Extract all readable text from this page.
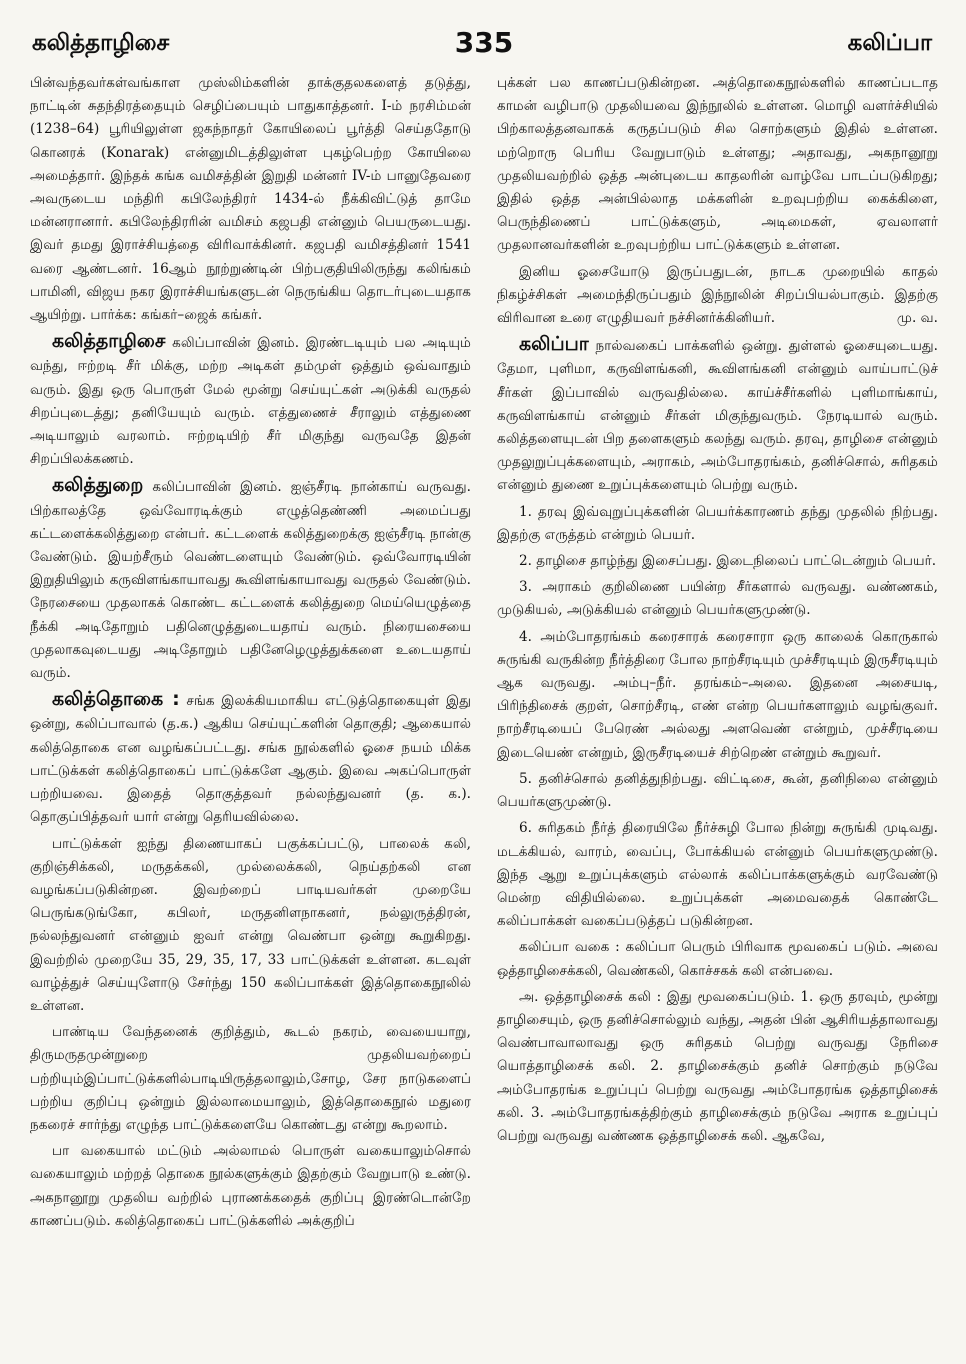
கலித்தாழிசை	335	கலிப்பா

பின்வந்தவர்கள்வங்காள முஸ்லிம்களின் தாக்குதலகளைத் தடுத்து, நாட்டின் சுதந்திரத்தையும் செழிப்பையும் பாதுகாத்தனர். I-ம் நரசிம்மன் (1238–64) பூரியிலுள்ள ஜகந்நாதர் கோயிலைப் பூர்த்தி செய்ததோடு கொனரக் (Konarak) என்னுமிடத்திலுள்ள புகழ்பெற்ற கோயிலை அமைத்தார். இந்தக் கங்க வமிசத்தின் இறுதி மன்னர் IV-ம் பானுதேவரை அவருடைய மந்திரி கபிலேந்திரர் 1434-ல் நீக்கிவிட்டுத் தாமே மன்னரானார். கபிலேந்திரரின் வமிசம் கஜபதி என்னும் பெயருடையது. இவர் தமது இராச்சியத்தை விரிவாக்கினர். கஜபதி வமிசத்தினர் 1541 வரை ஆண்டனர். 16ஆம் நூற்றுண்டின் பிற்பகுதியிலிருந்து கலிங்கம் பாமினி, விஜய நகர இராச்சியங்களுடன் நெருங்கிய தொடர்புடையதாக ஆயிற்று. பார்க்க: கங்கர்–ஜைக் கங்கர்.

கலித்தாழிசை கலிப்பாவின் இனம். இரண்டடியும் பல அடியும் வந்து, ஈற்றடி சீர் மிக்கு, மற்ற அடிகள் தம்முள் ஒத்தும் ஒவ்வாதும் வரும். இது ஒரு பொருள் மேல் மூன்று செய்யுட்கள் அடுக்கி வருதல் சிறப்புடைத்து; தனியேயும் வரும். எத்துணைச் சீராலும் எத்துணை அடியாலும் வரலாம். ஈற்றடியிற் சீர் மிகுந்து வருவதே இதன் சிறப்பிலக்கணம்.

கலித்துறை கலிப்பாவின் இனம். ஐஞ்சீரடி நான்காய் வருவது. பிற்காலத்தே ஒவ்வோரடிக்கும் எழுத்தெண்ணி அமைப்பது கட்டளைக்கலித்துறை என்பர். கட்டளைக் கலித்துறைக்கு ஐஞ்சீரடி நான்கு வேண்டும். இயற்சீரும் வெண்டளையும் வேண்டும். ஒவ்வோரடியின் இறுதியிலும் கருவிளங்காயாவது கூவிளங்காயாவது வருதல் வேண்டும். நேரசையை முதலாகக் கொண்ட கட்டளைக் கலித்துறை மெய்யெழுத்தை நீக்கி அடிதோறும் பதினெழுத்துடையதாய் வரும். நிரையசையை முதலாகவுடையது அடிதோறும் பதினேழெழுத்துக்களை உடையதாய் வரும்.

கலித்தொகை : சங்க இலக்கியமாகிய எட்டுத்தொகையுள் இது ஒன்று, கலிப்பாவால் (த.க.) ஆகிய செய்யுட்களின் தொகுதி; ஆகையால் கலித்தொகை என வழங்கப்பட்டது. சங்க நூல்களில் ஓசை நயம் மிக்க பாட்டுக்கள் கலித்தொகைப் பாட்டுக்களே ஆகும். இவை அகப்பொருள் பற்றியவை. இதைத் தொகுத்தவர் நல்லந்துவனர் (த. க.). தொகுப்பித்தவர் யார் என்று தெரியவில்லை.

பாட்டுக்கள் ஐந்து திணையாகப் பகுக்கப்பட்டு, பாலைக் கலி, குறிஞ்சிக்கலி, மருதக்கலி, முல்லைக்கலி, நெய்தற்கலி என வழங்கப்படுகின்றன. இவற்றைப் பாடியவர்கள் முறையே பெருங்கடுங்கோ, கபிலர், மருதனிளநாகனர், நல்லுருத்திரன், நல்லந்துவனர் என்னும் ஐவர் என்று வெண்பா ஒன்று கூறுகிறது. இவற்றில் முறையே 35, 29, 35, 17, 33 பாட்டுக்கள் உள்ளன. கடவுள் வாழ்த்துச் செய்யுளோடு சேர்ந்து 150 கலிப்பாக்கள் இத்தொகைநூலில் உள்ளன.

பாண்டிய வேந்தனைக் குறித்தும், கூடல் நகரம், வையையாறு, திருமருதமுன்றுறை முதலியவற்றைப் பற்றியும்இப்பாட்டுக்களில்பாடியிருத்தலாலும்,சோழ, சேர நாடுகளைப் பற்றிய குறிப்பு ஒன்றும் இல்லாமையாலும், இத்தொகைநூல் மதுரை நகரைச் சார்ந்து எழுந்த பாட்டுக்களையே கொண்டது என்று கூறலாம்.

பா வகையால் மட்டும் அல்லாமல் பொருள் வகையாலும்சொல் வகையாலும் மற்றத் தொகை நூல்களுக்கும் இதற்கும் வேறுபாடு உண்டு. அகநானூறு முதலிய வற்றில் புராணக்கதைக் குறிப்பு இரண்டொன்றே காணப்படும். கலித்தொகைப் பாட்டுக்களில் அக்குறிப்

புக்கள் பல காணப்படுகின்றன. அத்தொகைநூல்களில் காணப்படாத காமன் வழிபாடு முதலியவை இந்நூலில் உள்ளன. மொழி வளர்ச்சியில் பிற்காலத்தனவாகக் கருதப்படும் சில சொற்களும் இதில் உள்ளன. மற்றொரு பெரிய வேறுபாடும் உள்ளது; அதாவது, அகநானூறு முதலியவற்றில் ஒத்த அன்புடைய காதலரின் வாழ்வே பாடப்படுகிறது; இதில் ஒத்த அன்பில்லாத மக்களின் உறவுபற்றிய கைக்கிளை, பெருந்திணைப் பாட்டுக்களும், அடிமைகள், ஏவலாளர் முதலானவர்களின் உறவுபற்றிய பாட்டுக்களும் உள்ளன.

இனிய ஓசையோடு இருப்பதுடன், நாடக முறையில் காதல் நிகழ்ச்சிகள் அமைந்திருப்பதும் இந்நூலின் சிறப்பியல்பாகும். இதற்கு விரிவான உரை எழுதியவர் நச்சினர்க்கினியர்.	மு. வ.

கலிப்பா நால்வகைப் பாக்களில் ஒன்று. துள்ளல் ஓசையுடையது. தேமா, புளிமா, கருவிளங்கனி, கூவிளங்கனி என்னும் வாய்பாட்டுச் சீர்கள் இப்பாவில் வருவதில்லை. காய்ச்சீர்களில் புளிமாங்காய், கருவிளங்காய் என்னும் சீர்கள் மிகுந்துவரும். நேரடியால் வரும். கலித்தளையுடன் பிற தளைகளும் கலந்து வரும். தரவு, தாழிசை என்னும் முதலுறுப்புக்களையும், அராகம், அம்போதரங்கம், தனிச்சொல், சுரிதகம் என்னும் துணை உறுப்புக்களையும் பெற்று வரும்.

1. தரவு இவ்வுறுப்புக்களின் பெயர்க்காரணம் தந்து முதலில் நிற்பது. இதற்கு எருத்தம் என்றும் பெயர்.

2. தாழிசை தாழ்ந்து இசைப்பது. இடைநிலைப் பாட்டென்றும் பெயர்.

3. அராகம் குறிலிணை பயின்ற சீர்களால் வருவது. வண்ணகம், முடுகியல், அடுக்கியல் என்னும் பெயர்களுமுண்டு.

4. அம்போதரங்கம் கரைசாரக் கரைசாரா ஒரு காலைக் கொருகால் சுருங்கி வருகின்ற நீர்த்திரை போல நாற்சீரடியும் முச்சீரடியும் இருசீரடியும் ஆக வருவது. அம்பு–நீர். தரங்கம்–அலை. இதனை அசையடி, பிரிந்திசைக் குறள், சொற்சீரடி, எண் என்ற பெயர்களாலும் வழங்குவர். நாற்சீரடியைப் பேரெண் அல்லது அளவெண் என்றும், முச்சீரடியை இடையெண் என்றும், இருசீரடியைச் சிற்றெண் என்றும் கூறுவர்.

5. தனிச்சொல் தனித்துநிற்பது. விட்டிசை, கூன், தனிநிலை என்னும் பெயர்களுமுண்டு.

6. சுரிதகம் நீர்த் திரையிலே நீர்ச்சுழி போல நின்று சுருங்கி முடிவது. மடக்கியல், வாரம், வைப்பு, போக்கியல் என்னும் பெயர்களுமுண்டு. இந்த ஆறு உறுப்புக்களும் எல்லாக் கலிப்பாக்களுக்கும் வரவேண்டு மென்ற விதியில்லை. உறுப்புக்கள் அமைவதைக் கொண்டே கலிப்பாக்கள் வகைப்படுத்தப் படுகின்றன.

கலிப்பா வகை : கலிப்பா பெரும் பிரிவாக மூவகைப் படும். அவை ஒத்தாழிசைக்கலி, வெண்கலி, கொச்சகக் கலி என்பவை.

அ. ஒத்தாழிசைக் கலி : இது மூவகைப்படும். 1. ஒரு தரவும், மூன்று தாழிசையும், ஒரு தனிச்சொல்லும் வந்து, அதன் பின் ஆசிரியத்தாலாவது வெண்பாவாலாவது ஒரு சுரிதகம் பெற்று வருவது நேரிசை யொத்தாழிசைக் கலி. 2. தாழிசைக்கும் தனிச் சொற்கும் நடுவே அம்போதரங்க உறுப்புப் பெற்று வருவது அம்போதரங்க ஒத்தாழிசைக் கலி. 3. அம்போதரங்கத்திற்கும் தாழிசைக்கும் நடுவே அராக உறுப்புப் பெற்று வருவது வண்ணக ஒத்தாழிசைக் கலி. ஆகவே,
